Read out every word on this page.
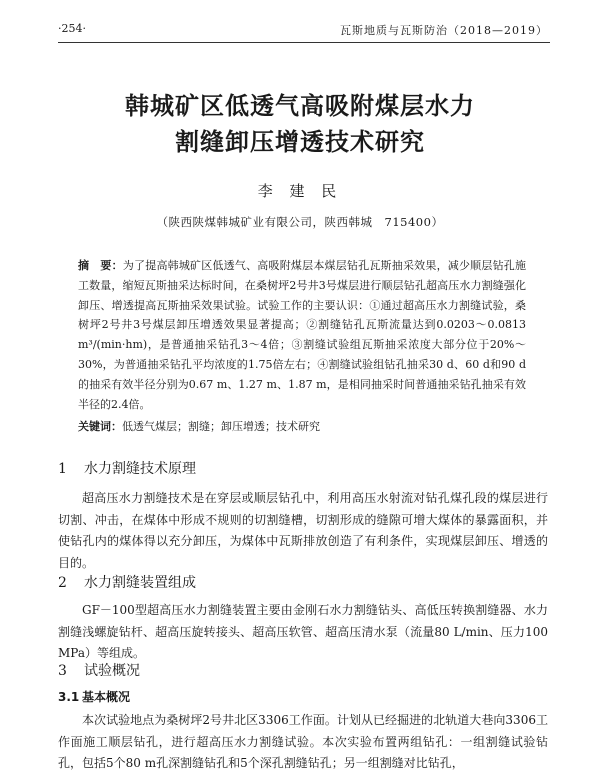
·254·	瓦斯地质与瓦斯防治（2018—2019）
韩城矿区低透气高吸附煤层水力
割缝卸压增透技术研究
李 建 民
（陕西陕煤韩城矿业有限公司，陕西韩城　715400）
摘　要：为了提高韩城矿区低透气、高吸附煤层本煤层钻孔瓦斯抽采效果，减少顺层钻孔施工数量，缩短瓦斯抽采达标时间，在桑树坪2号井3号煤层进行顺层钻孔超高压水力割缝强化卸压、增透提高瓦斯抽采效果试验。试验工作的主要认识：①通过超高压水力割缝试验，桑树坪2号井3号煤层卸压增透效果显著提高；②割缝钻孔瓦斯流量达到0.0203～0.0813 m³/(min·hm)，是普通抽采钻孔3～4倍；③割缝试验组瓦斯抽采浓度大部分位于20%～30%，为普通抽采钻孔平均浓度的1.75倍左右；④割缝试验组钻孔抽采30 d、60 d和90 d的抽采有效半径分别为0.67 m、1.27 m、1.87 m，是相同抽采时间普通抽采钻孔抽采有效半径的2.4倍。
关键词：低透气煤层；割缝；卸压增透；技术研究
1 水力割缝技术原理
超高压水力割缝技术是在穿层或顺层钻孔中，利用高压水射流对钻孔煤孔段的煤层进行切割、冲击，在煤体中形成不规则的切割缝槽，切割形成的缝隙可增大煤体的暴露面积，并使钻孔内的煤体得以充分卸压，为煤体中瓦斯排放创造了有利条件，实现煤层卸压、增透的目的。
2 水力割缝装置组成
GF－100型超高压水力割缝装置主要由金刚石水力割缝钻头、高低压转换割缝器、水力割缝浅螺旋钻杆、超高压旋转接头、超高压软管、超高压清水泵（流量80 L/min、压力100 MPa）等组成。
3 试验概况
3.1 基本概况
本次试验地点为桑树坪2号井北区3306工作面。计划从已经掘进的北轨道大巷向3306工作面施工顺层钻孔，进行超高压水力割缝试验。本次实验布置两组钻孔：一组割缝试验钻孔，包括5个80 m孔深割缝钻孔和5个深孔割缝钻孔；另一组割缝对比钻孔，
